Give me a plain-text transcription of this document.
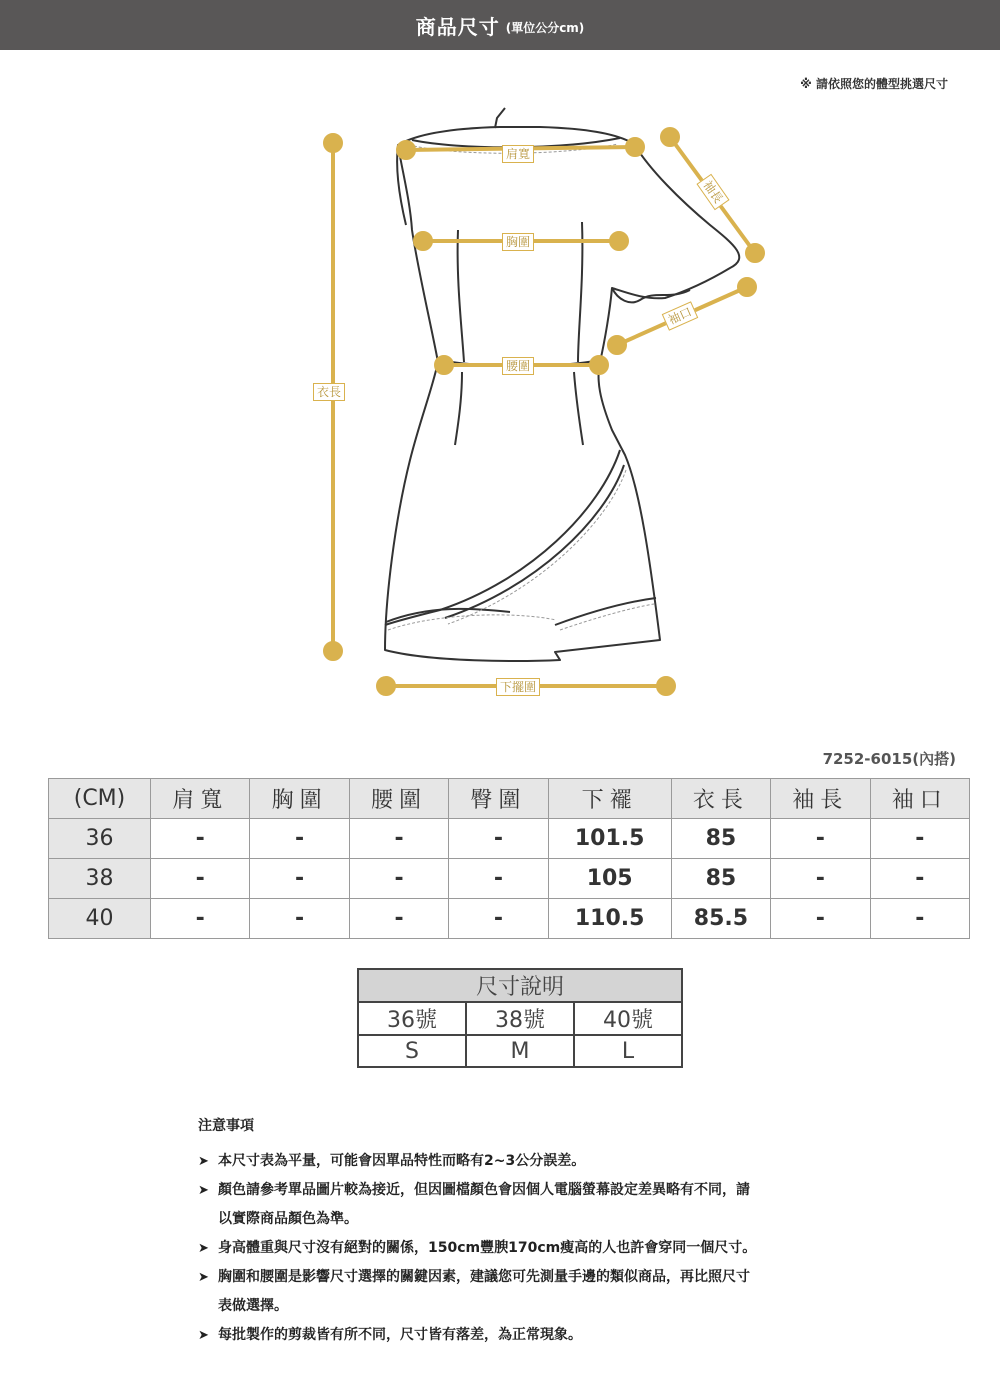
商品尺寸 (單位公分cm)
※ 請依照您的體型挑選尺寸
肩寬
胸圍
腰圍
衣長
袖長
袖口
下擺圍
7252-6015(內搭)
(CM)	肩寬	胸圍	腰圍	臀圍	下襬	衣長	袖長	袖口
36	-	-	-	-	101.5	85	-	-
38	-	-	-	-	105	85	-	-
40	-	-	-	-	110.5	85.5	-	-
尺寸說明		
36號	38號	40號
S	M	L
注意事項
➤ 本尺寸表為平量，可能會因單品特性而略有2~3公分誤差。
➤ 顏色請參考單品圖片較為接近，但因圖檔顏色會因個人電腦螢幕設定差異略有不同，請
以實際商品顏色為準。
➤ 身高體重與尺寸沒有絕對的關係，150cm豐腴170cm瘦高的人也許會穿同一個尺寸。
➤ 胸圍和腰圍是影響尺寸選擇的關鍵因素，建議您可先測量手邊的類似商品，再比照尺寸
表做選擇。
➤ 每批製作的剪裁皆有所不同，尺寸皆有落差，為正常現象。
